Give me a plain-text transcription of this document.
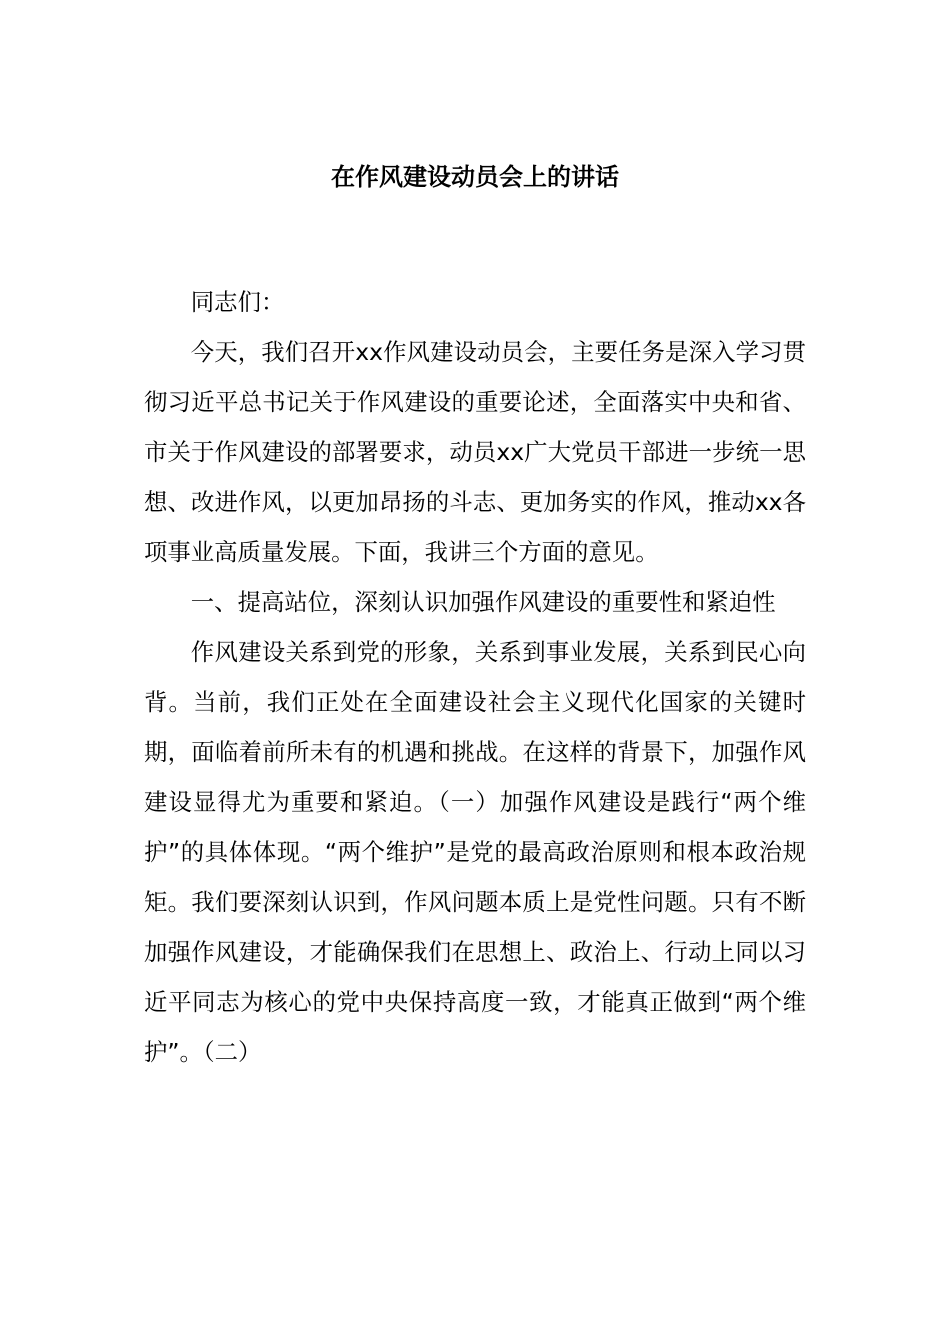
在作风建设动员会上的讲话

同志们：

今天，我们召开xx作风建设动员会，主要任务是深入学习贯彻习近平总书记关于作风建设的重要论述，全面落实中央和省、市关于作风建设的部署要求，动员xx广大党员干部进一步统一思想、改进作风，以更加昂扬的斗志、更加务实的作风，推动xx各项事业高质量发展。下面，我讲三个方面的意见。

一、提高站位，深刻认识加强作风建设的重要性和紧迫性

作风建设关系到党的形象，关系到事业发展，关系到民心向背。当前，我们正处在全面建设社会主义现代化国家的关键时期，面临着前所未有的机遇和挑战。在这样的背景下，加强作风建设显得尤为重要和紧迫。（一）加强作风建设是践行“两个维护”的具体体现。“两个维护”是党的最高政治原则和根本政治规矩。我们要深刻认识到，作风问题本质上是党性问题。只有不断加强作风建设，才能确保我们在思想上、政治上、行动上同以习近平同志为核心的党中央保持高度一致，才能真正做到“两个维护”。（二）
